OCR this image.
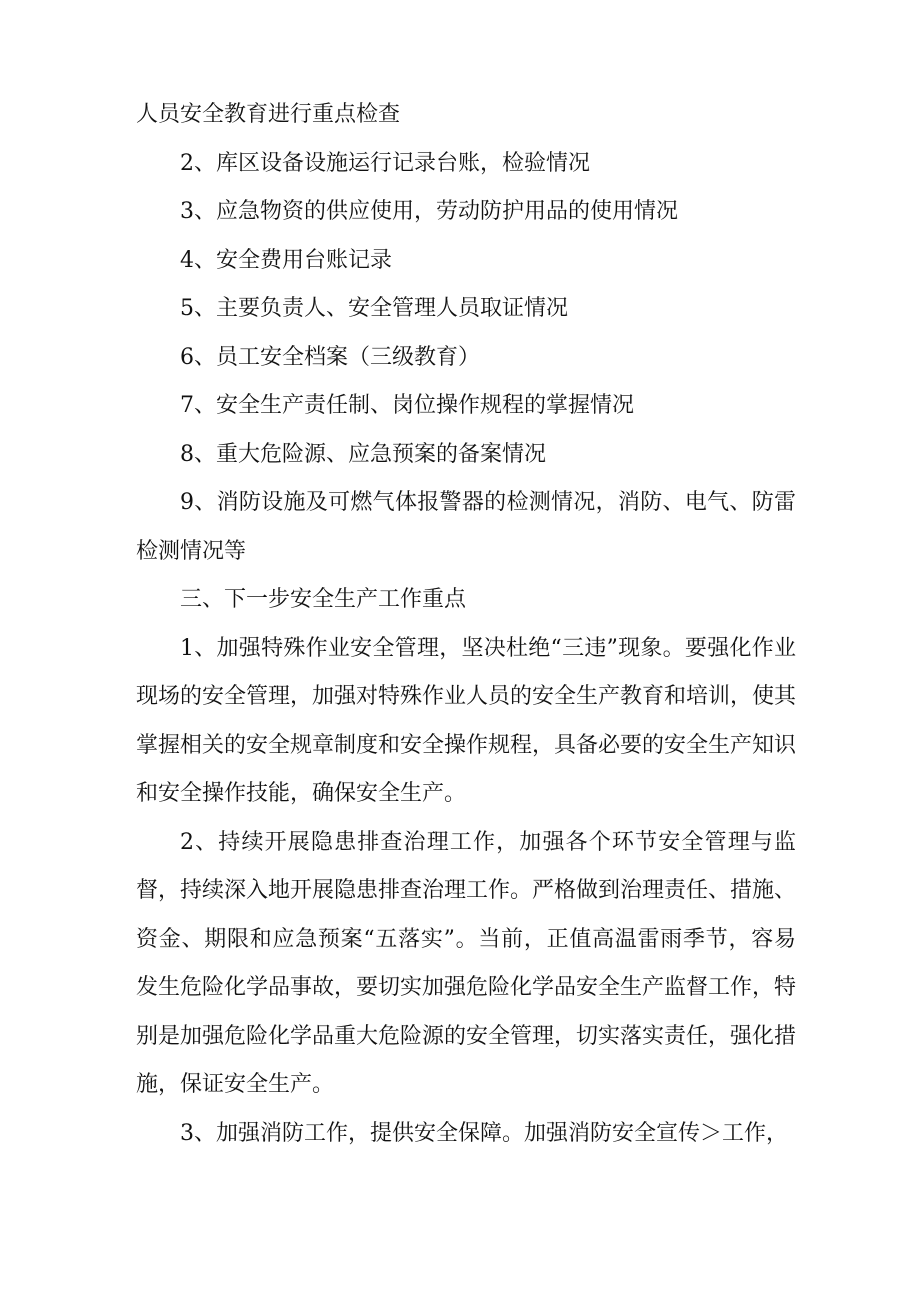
人员安全教育进行重点检查

2、库区设备设施运行记录台账，检验情况

3、应急物资的供应使用，劳动防护用品的使用情况

4、安全费用台账记录

5、主要负责人、安全管理人员取证情况

6、员工安全档案（三级教育）

7、安全生产责任制、岗位操作规程的掌握情况

8、重大危险源、应急预案的备案情况

9、消防设施及可燃气体报警器的检测情况，消防、电气、防雷检测情况等

三、下一步安全生产工作重点

1、加强特殊作业安全管理，坚决杜绝“三违”现象。要强化作业现场的安全管理，加强对特殊作业人员的安全生产教育和培训，使其掌握相关的安全规章制度和安全操作规程，具备必要的安全生产知识和安全操作技能，确保安全生产。

2、持续开展隐患排查治理工作，加强各个环节安全管理与监督，持续深入地开展隐患排查治理工作。严格做到治理责任、措施、资金、期限和应急预案“五落实”。当前，正值高温雷雨季节，容易发生危险化学品事故，要切实加强危险化学品安全生产监督工作，特别是加强危险化学品重大危险源的安全管理，切实落实责任，强化措施，保证安全生产。

3、加强消防工作，提供安全保障。加强消防安全宣传＞工作，
